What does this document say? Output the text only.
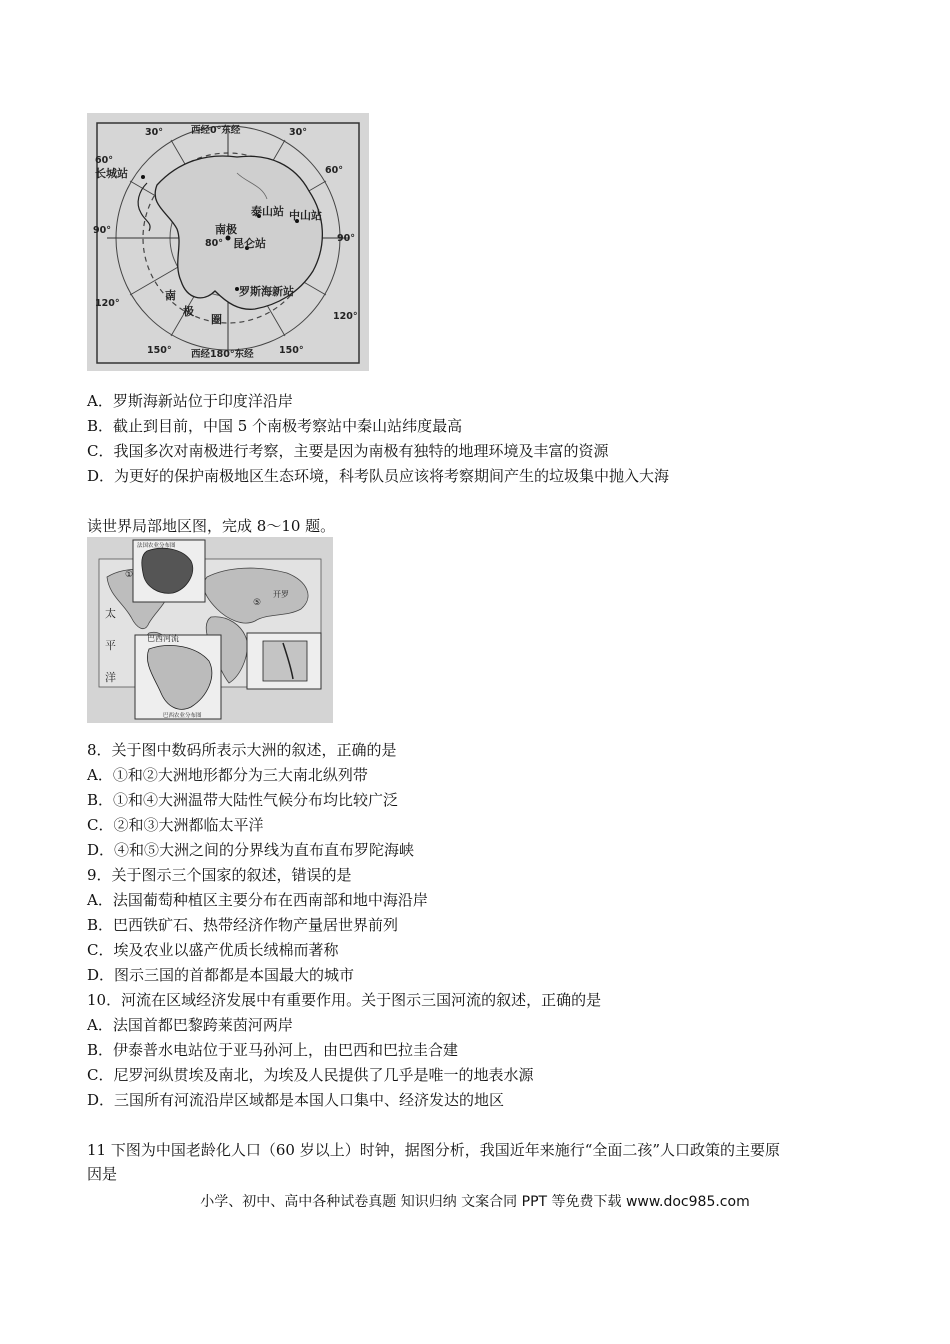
西经0°东经
西经180°东经
30°	30°
60°
60°
90°
90°
120°
120°
150°	150°
80°
南极
长城站
泰山站 中山站
昆仑站
罗斯海新站
南
极
圈
A．罗斯海新站位于印度洋沿岸
B．截止到目前，中国 5 个南极考察站中秦山站纬度最高
C．我国多次对南极进行考察，主要是因为南极有独特的地理环境及丰富的资源
D．为更好的保护南极地区生态环境，科考队员应该将考察期间产生的垃圾集中抛入大海
读世界局部地区图，完成 8～10 题。
太
平
洋
巴西河流
开罗
法国农业分布图
巴西农业分布图
①
⑤
8．关于图中数码所表示大洲的叙述，正确的是
A．①和②大洲地形都分为三大南北纵列带
B．①和④大洲温带大陆性气候分布均比较广泛
C．②和③大洲都临太平洋
D．④和⑤大洲之间的分界线为直布直布罗陀海峡
9．关于图示三个国家的叙述，错误的是
A．法国葡萄种植区主要分布在西南部和地中海沿岸
B．巴西铁矿石、热带经济作物产量居世界前列
C．埃及农业以盛产优质长绒棉而著称
D．图示三国的首都都是本国最大的城市
10．河流在区域经济发展中有重要作用。关于图示三国河流的叙述，正确的是
A．法国首都巴黎跨莱茵河两岸
B．伊泰普水电站位于亚马孙河上，由巴西和巴拉圭合建
C．尼罗河纵贯埃及南北，为埃及人民提供了几乎是唯一的地表水源
D．三国所有河流沿岸区域都是本国人口集中、经济发达的地区
11 下图为中国老龄化人口（60 岁以上）时钟，据图分析，我国近年来施行“全面二孩”人口政策的主要原
因是
小学、初中、高中各种试卷真题 知识归纳 文案合同 PPT 等免费下载 www.doc985.com
